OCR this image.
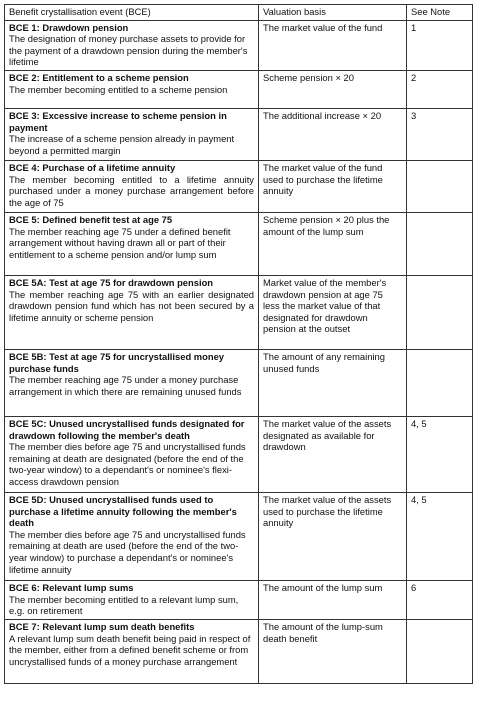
Benefit crystallisation event (BCE)	Valuation basis	See Note

BCE 1: Drawdown pension
The designation of money purchase assets to provide for the payment of a drawdown pension during the member's lifetime	The market value of the fund	1

BCE 2: Entitlement to a scheme pension
The member becoming entitled to a scheme pension	Scheme pension × 20	2

BCE 3: Excessive increase to scheme pension in payment
The increase of a scheme pension already in payment beyond a permitted margin	The additional increase × 20	3

BCE 4: Purchase of a lifetime annuity
The member becoming entitled to a lifetime annuity purchased under a money purchase arrangement before the age of 75	The market value of the fund used to purchase the lifetime annuity	

BCE 5: Defined benefit test at age 75
The member reaching age 75 under a defined benefit arrangement without having drawn all or part of their entitlement to a scheme pension and/or lump sum	Scheme pension × 20 plus the amount of the lump sum	

BCE 5A: Test at age 75 for drawdown pension
The member reaching age 75 with an earlier designated drawdown pension fund which has not been secured by a lifetime annuity or scheme pension	Market value of the member's drawdown pension at age 75 less the market value of that designated for drawdown pension at the outset	

BCE 5B: Test at age 75 for uncrystallised money purchase funds
The member reaching age 75 under a money purchase arrangement in which there are remaining unused funds	The amount of any remaining unused funds	

BCE 5C: Unused uncrystallised funds designated for drawdown following the member's death
The member dies before age 75 and uncrystallised funds remaining at death are designated (before the end of the two-year window) to a dependant's or nominee's flexi- access drawdown pension	The market value of the assets designated as available for drawdown	4, 5

BCE 5D: Unused uncrystallised funds used to purchase a lifetime annuity following the member's death
The member dies before age 75 and uncrystallised funds remaining at death are used (before the end of the two-year window) to purchase a dependant's or nominee's lifetime annuity	The market value of the assets used to purchase the lifetime annuity	4, 5

BCE 6: Relevant lump sums
The member becoming entitled to a relevant lump sum, e.g. on retirement	The amount of the lump sum	6

BCE 7: Relevant lump sum death benefits
A relevant lump sum death benefit being paid in respect of the member, either from a defined benefit scheme or from uncrystallised funds of a money purchase arrangement	The amount of the lump-sum death benefit	
